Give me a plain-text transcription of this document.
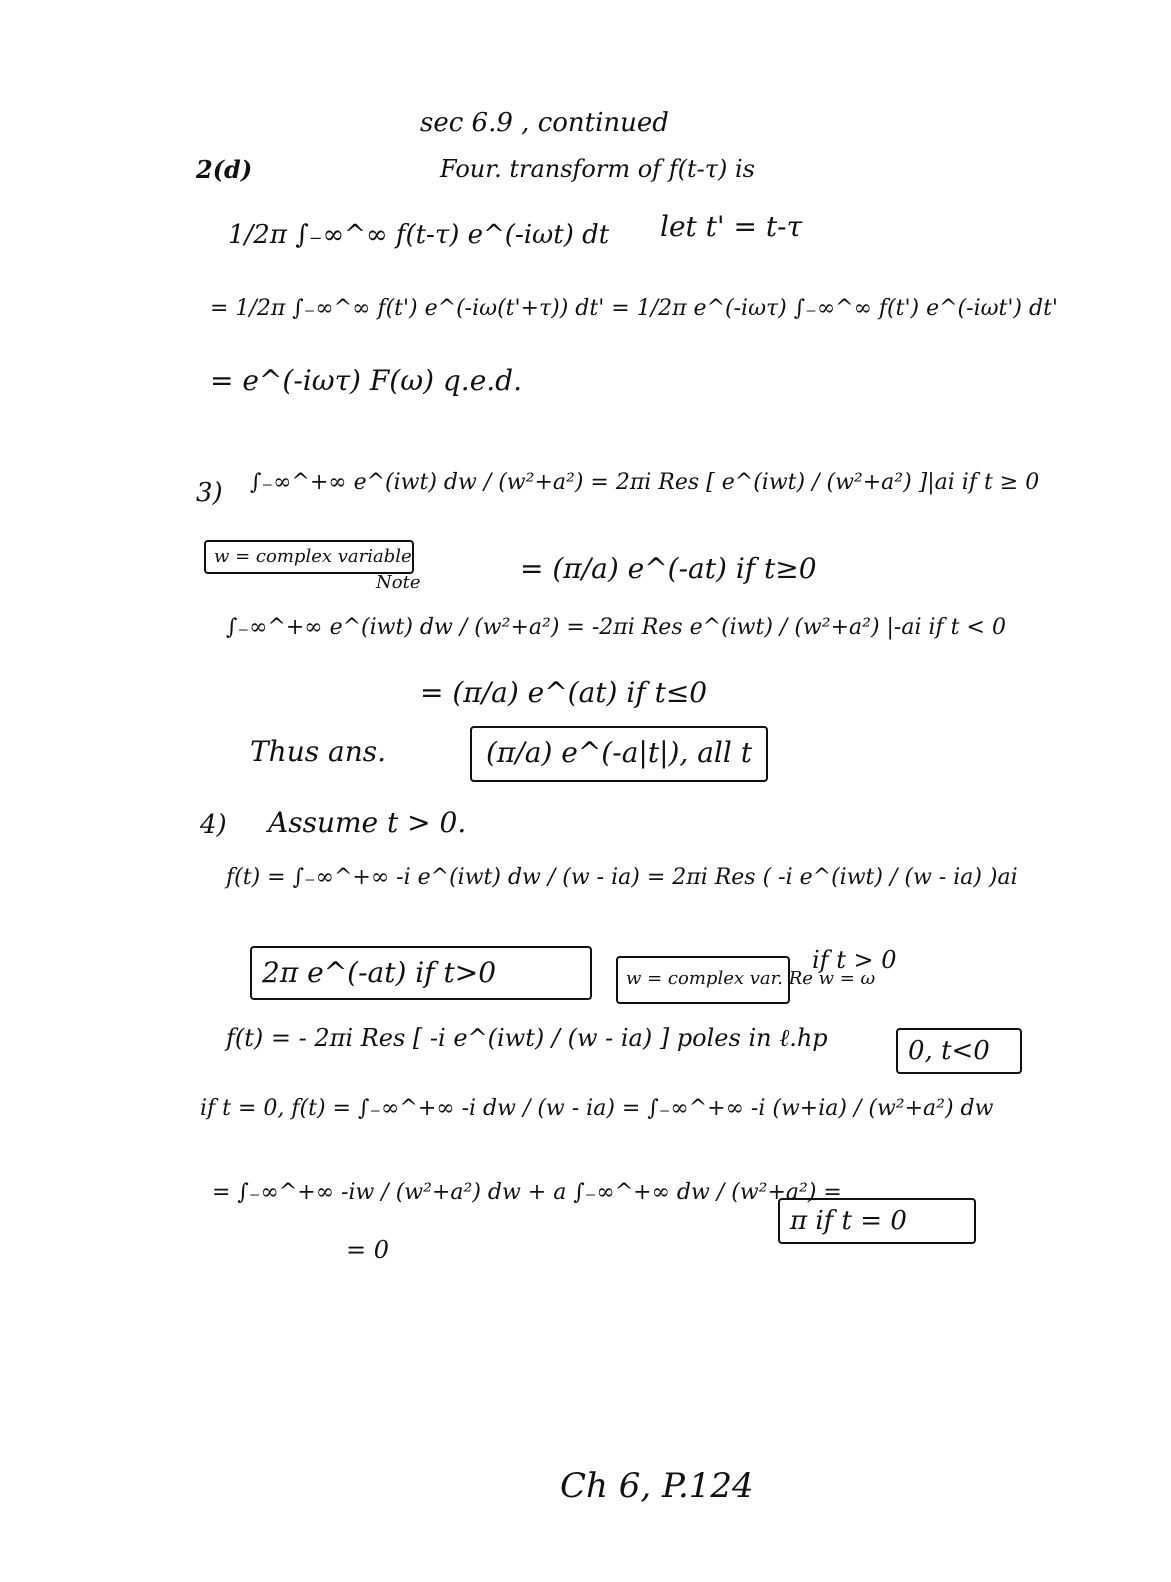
sec 6.9 , continued
2(d)	Four. transform of f(t-τ) is
1/2π ∫₋∞^∞ f(t-τ) e^(-iωt) dt let t' = t-τ
= 1/2π ∫₋∞^∞ f(t') e^(-iω(t'+τ)) dt' = 1/2π e^(-iωτ) ∫₋∞^∞ f(t') e^(-iωt') dt'
= e^(-iωτ) F(ω) q.e.d.
3) ∫₋∞^+∞ e^(iwt) dw / (w²+a²) = 2πi Res [ e^(iwt) / (w²+a²) ]|ai if t ≥ 0
w = complex variable
Note	= (π/a) e^(-at) if t≥0
∫₋∞^+∞ e^(iwt) dw / (w²+a²) = -2πi Res e^(iwt) / (w²+a²) |-ai if t < 0
= (π/a) e^(at) if t≤0
Thus ans.	(π/a) e^(-a|t|), all t
4) Assume t > 0.
f(t) = ∫₋∞^+∞ -i e^(iwt) dw / (w - ia) = 2πi Res ( -i e^(iwt) / (w - ia) )ai
2π e^(-at) if t>0	w = complex var. Re w = ω
if t > 0
f(t) = - 2πi Res [ -i e^(iwt) / (w - ia) ] poles in ℓ.hp	0, t<0
if t = 0, f(t) = ∫₋∞^+∞ -i dw / (w - ia) = ∫₋∞^+∞ -i (w+ia) / (w²+a²) dw
= ∫₋∞^+∞ -iw / (w²+a²) dw + a ∫₋∞^+∞ dw / (w²+a²) =
π if t = 0
= 0
Ch 6, P.124
